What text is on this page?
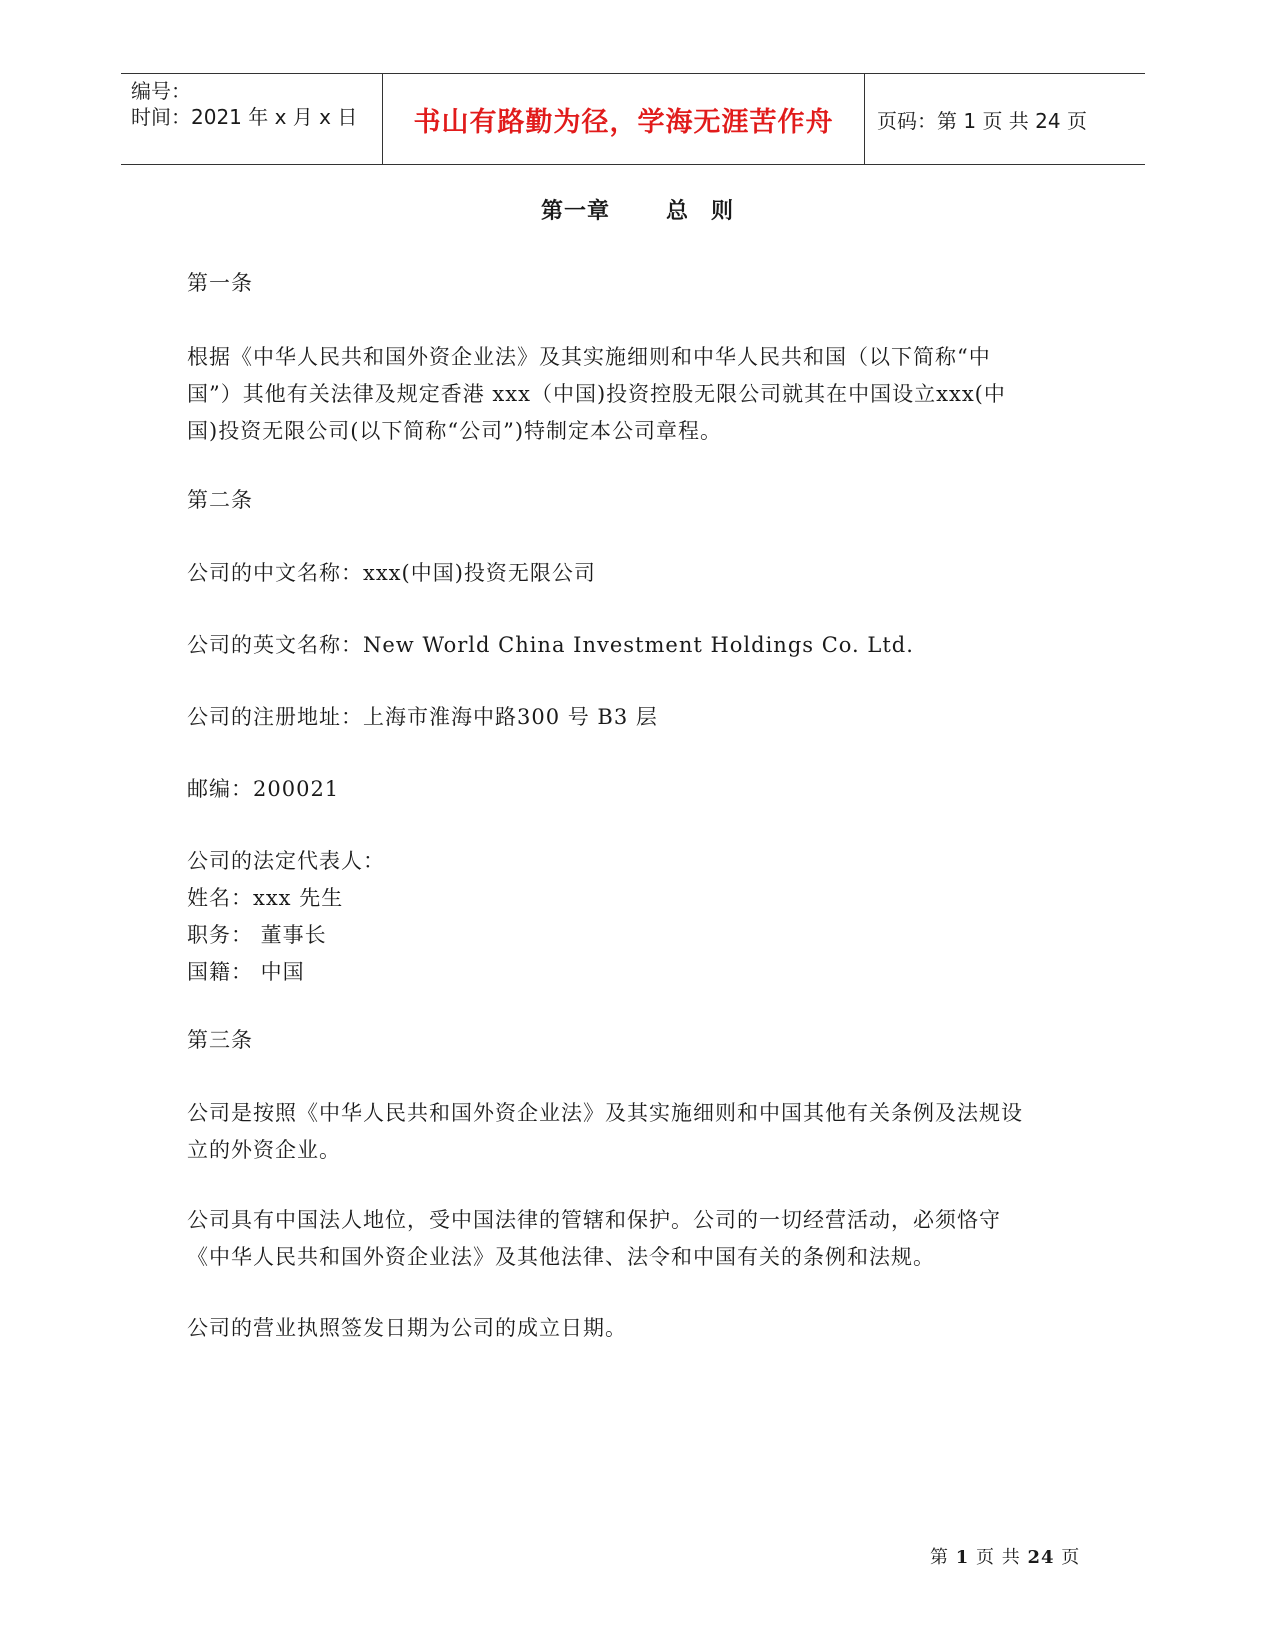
编号：
时间：2021 年 x 月 x 日	书山有路勤为径，学海无涯苦作舟	页码：第 1 页 共 24 页
第一章	总 则
第一条
根据《中华人民共和国外资企业法》及其实施细则和中华人民共和国（以下简称“中
国”）其他有关法律及规定香港 xxx（中国)投资控股无限公司就其在中国设立xxx(中
国)投资无限公司(以下简称“公司”)特制定本公司章程。
第二条
公司的中文名称：xxx(中国)投资无限公司
公司的英文名称：New World China Investment Holdings Co. Ltd.
公司的注册地址：上海市淮海中路300 号 B3 层
邮编：200021
公司的法定代表人：
姓名：xxx 先生
职务： 董事长
国籍： 中国
第三条
公司是按照《中华人民共和国外资企业法》及其实施细则和中国其他有关条例及法规设
立的外资企业。
公司具有中国法人地位，受中国法律的管辖和保护。公司的一切经营活动，必须恪守
《中华人民共和国外资企业法》及其他法律、法令和中国有关的条例和法规。
公司的营业执照签发日期为公司的成立日期。
第 1 页 共 24 页
